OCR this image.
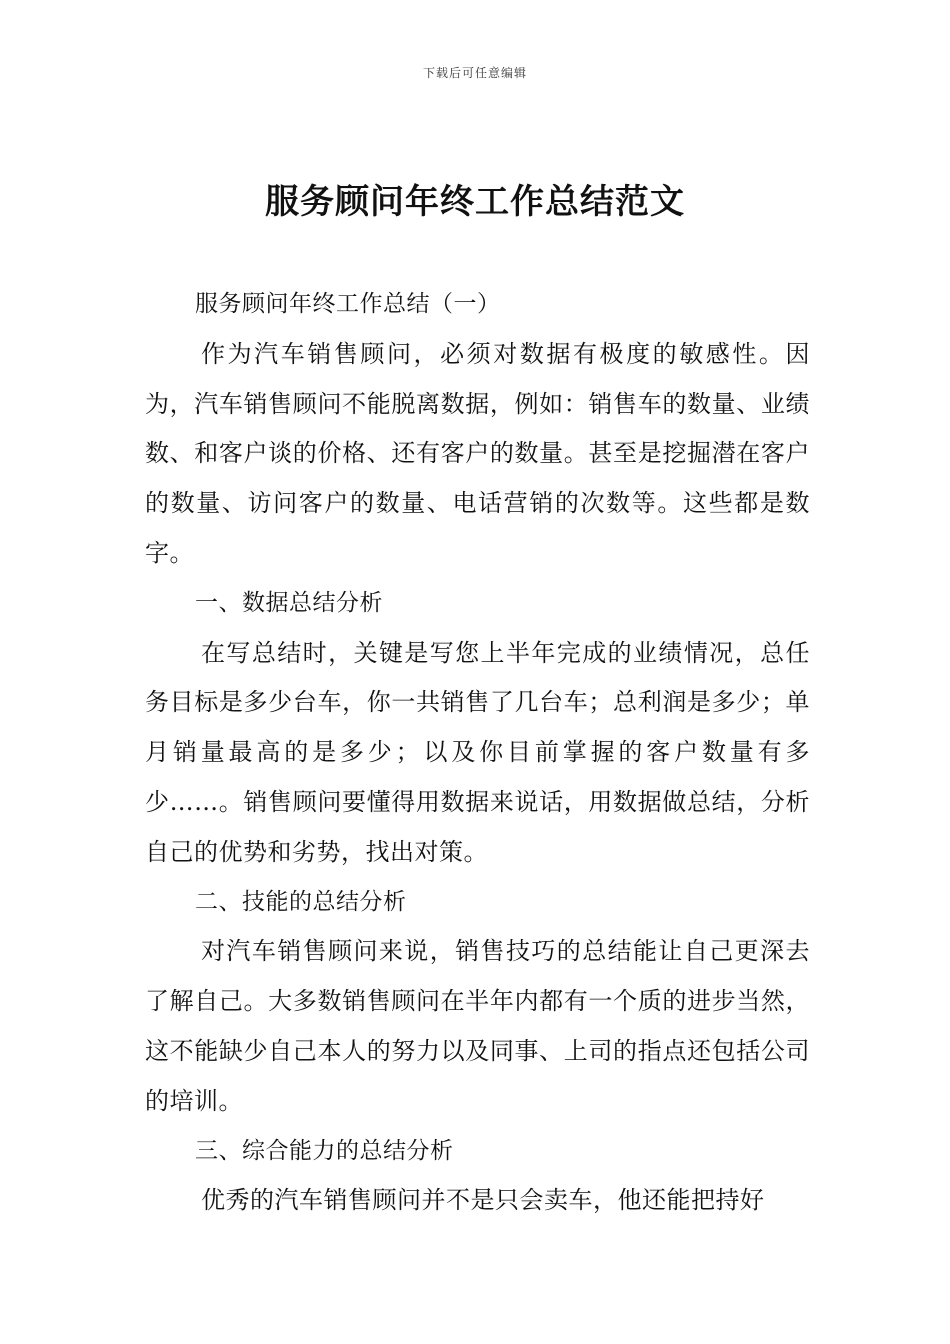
下载后可任意编辑
服务顾问年终工作总结范文

服务顾问年终工作总结（一）

作为汽车销售顾问，必须对数据有极度的敏感性。因为，汽车销售顾问不能脱离数据，例如：销售车的数量、业绩数、和客户谈的价格、还有客户的数量。甚至是挖掘潜在客户的数量、访问客户的数量、电话营销的次数等。这些都是数字。

一、数据总结分析

在写总结时，关键是写您上半年完成的业绩情况，总任务目标是多少台车，你一共销售了几台车；总利润是多少；单月销量最高的是多少；以及你目前掌握的客户数量有多少……。销售顾问要懂得用数据来说话，用数据做总结，分析自己的优势和劣势，找出对策。

二、技能的总结分析

对汽车销售顾问来说，销售技巧的总结能让自己更深去了解自己。大多数销售顾问在半年内都有一个质的进步当然，这不能缺少自己本人的努力以及同事、上司的指点还包括公司的培训。

三、综合能力的总结分析

优秀的汽车销售顾问并不是只会卖车，他还能把持好
